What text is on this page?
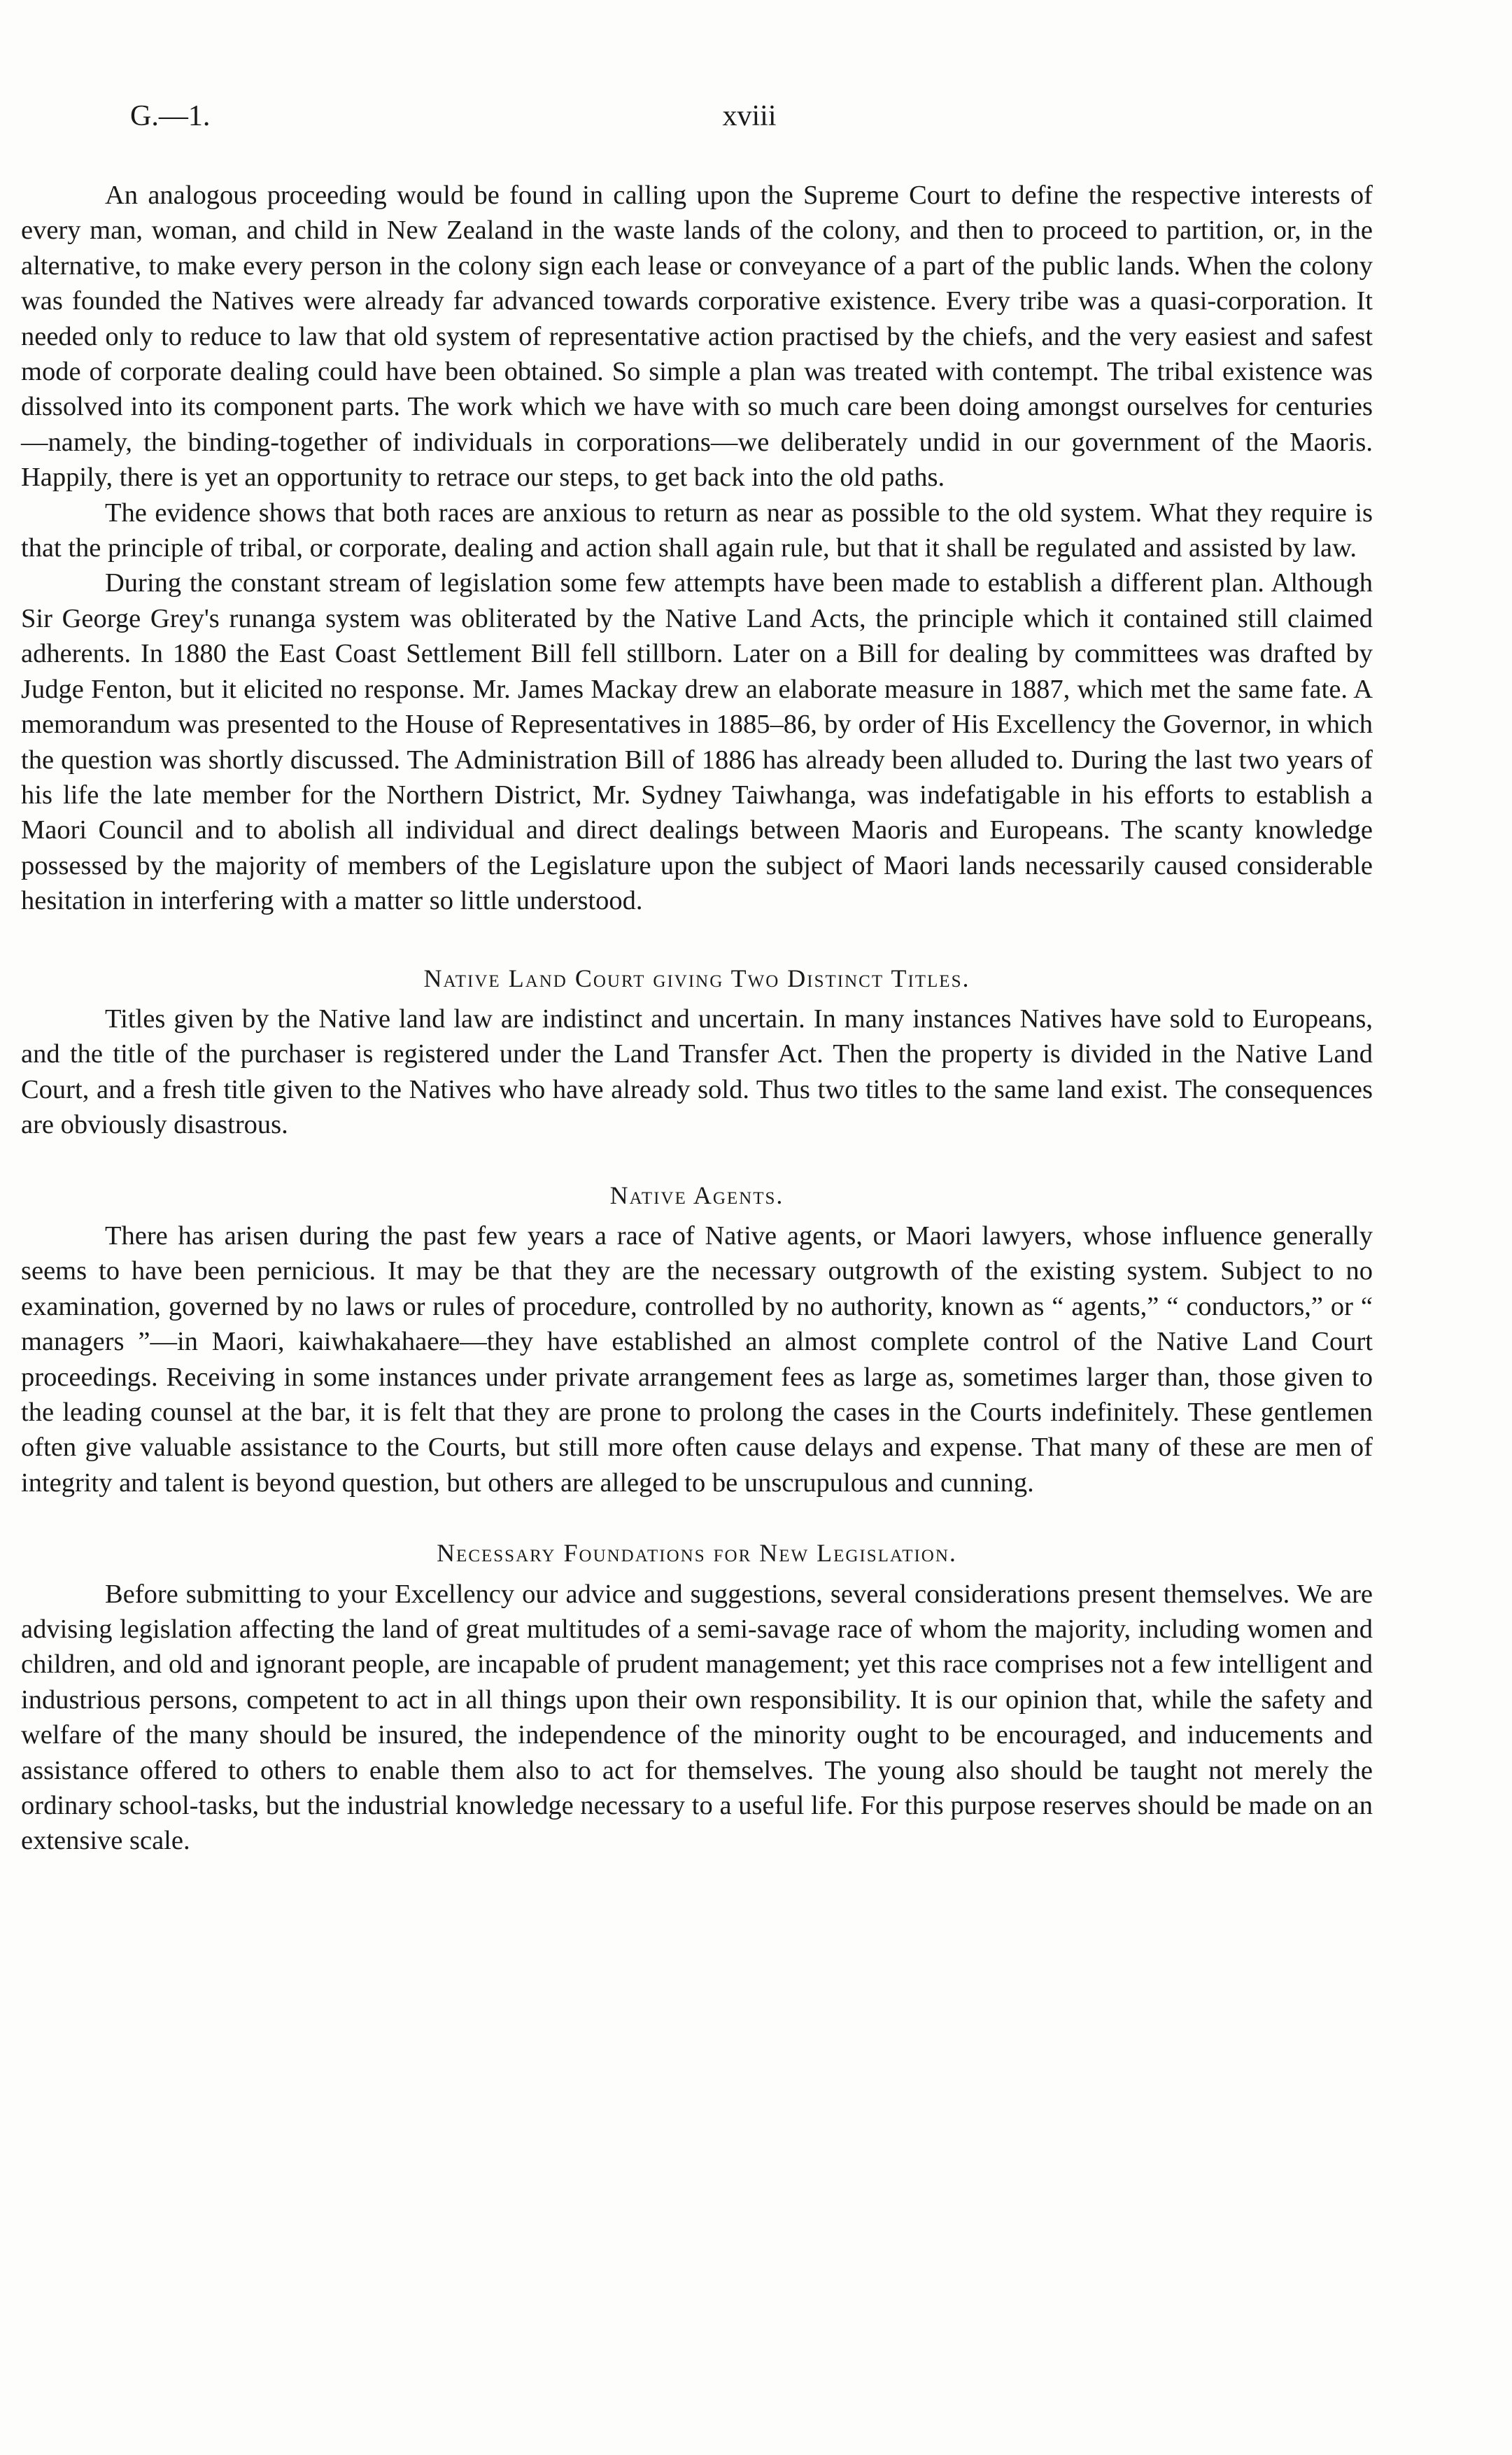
G.—1.	xviii

An analogous proceeding would be found in calling upon the Supreme Court to define the respective interests of every man, woman, and child in New Zealand in the waste lands of the colony, and then to proceed to partition, or, in the alternative, to make every person in the colony sign each lease or conveyance of a part of the public lands. When the colony was founded the Natives were already far advanced towards corporative existence. Every tribe was a quasi-corporation. It needed only to reduce to law that old system of representative action practised by the chiefs, and the very easiest and safest mode of corporate dealing could have been obtained. So simple a plan was treated with contempt. The tribal existence was dissolved into its component parts. The work which we have with so much care been doing amongst ourselves for centuries—namely, the binding-together of individuals in corporations—we deliberately undid in our government of the Maoris. Happily, there is yet an opportunity to retrace our steps, to get back into the old paths.

The evidence shows that both races are anxious to return as near as possible to the old system. What they require is that the principle of tribal, or corporate, dealing and action shall again rule, but that it shall be regulated and assisted by law.

During the constant stream of legislation some few attempts have been made to establish a different plan. Although Sir George Grey's runanga system was obliterated by the Native Land Acts, the principle which it contained still claimed adherents. In 1880 the East Coast Settlement Bill fell stillborn. Later on a Bill for dealing by committees was drafted by Judge Fenton, but it elicited no response. Mr. James Mackay drew an elaborate measure in 1887, which met the same fate. A memorandum was presented to the House of Representatives in 1885–86, by order of His Excellency the Governor, in which the question was shortly discussed. The Administration Bill of 1886 has already been alluded to. During the last two years of his life the late member for the Northern District, Mr. Sydney Taiwhanga, was indefatigable in his efforts to establish a Maori Council and to abolish all individual and direct dealings between Maoris and Europeans. The scanty knowledge possessed by the majority of members of the Legislature upon the subject of Maori lands necessarily caused considerable hesitation in interfering with a matter so little understood.

Native Land Court giving Two Distinct Titles.

Titles given by the Native land law are indistinct and uncertain. In many instances Natives have sold to Europeans, and the title of the purchaser is registered under the Land Transfer Act. Then the property is divided in the Native Land Court, and a fresh title given to the Natives who have already sold. Thus two titles to the same land exist. The consequences are obviously disastrous.

Native Agents.

There has arisen during the past few years a race of Native agents, or Maori lawyers, whose influence generally seems to have been pernicious. It may be that they are the necessary outgrowth of the existing system. Subject to no examination, governed by no laws or rules of procedure, controlled by no authority, known as “ agents,” “ conductors,” or “ managers ”—in Maori, kaiwhakahaere—they have established an almost complete control of the Native Land Court proceedings. Receiving in some instances under private arrangement fees as large as, sometimes larger than, those given to the leading counsel at the bar, it is felt that they are prone to prolong the cases in the Courts indefinitely. These gentlemen often give valuable assistance to the Courts, but still more often cause delays and expense. That many of these are men of integrity and talent is beyond question, but others are alleged to be unscrupulous and cunning.

Necessary Foundations for New Legislation.

Before submitting to your Excellency our advice and suggestions, several considerations present themselves. We are advising legislation affecting the land of great multitudes of a semi-savage race of whom the majority, including women and children, and old and ignorant people, are incapable of prudent management; yet this race comprises not a few intelligent and industrious persons, competent to act in all things upon their own responsibility. It is our opinion that, while the safety and welfare of the many should be insured, the independence of the minority ought to be encouraged, and inducements and assistance offered to others to enable them also to act for themselves. The young also should be taught not merely the ordinary school-tasks, but the industrial knowledge necessary to a useful life. For this purpose reserves should be made on an extensive scale.
